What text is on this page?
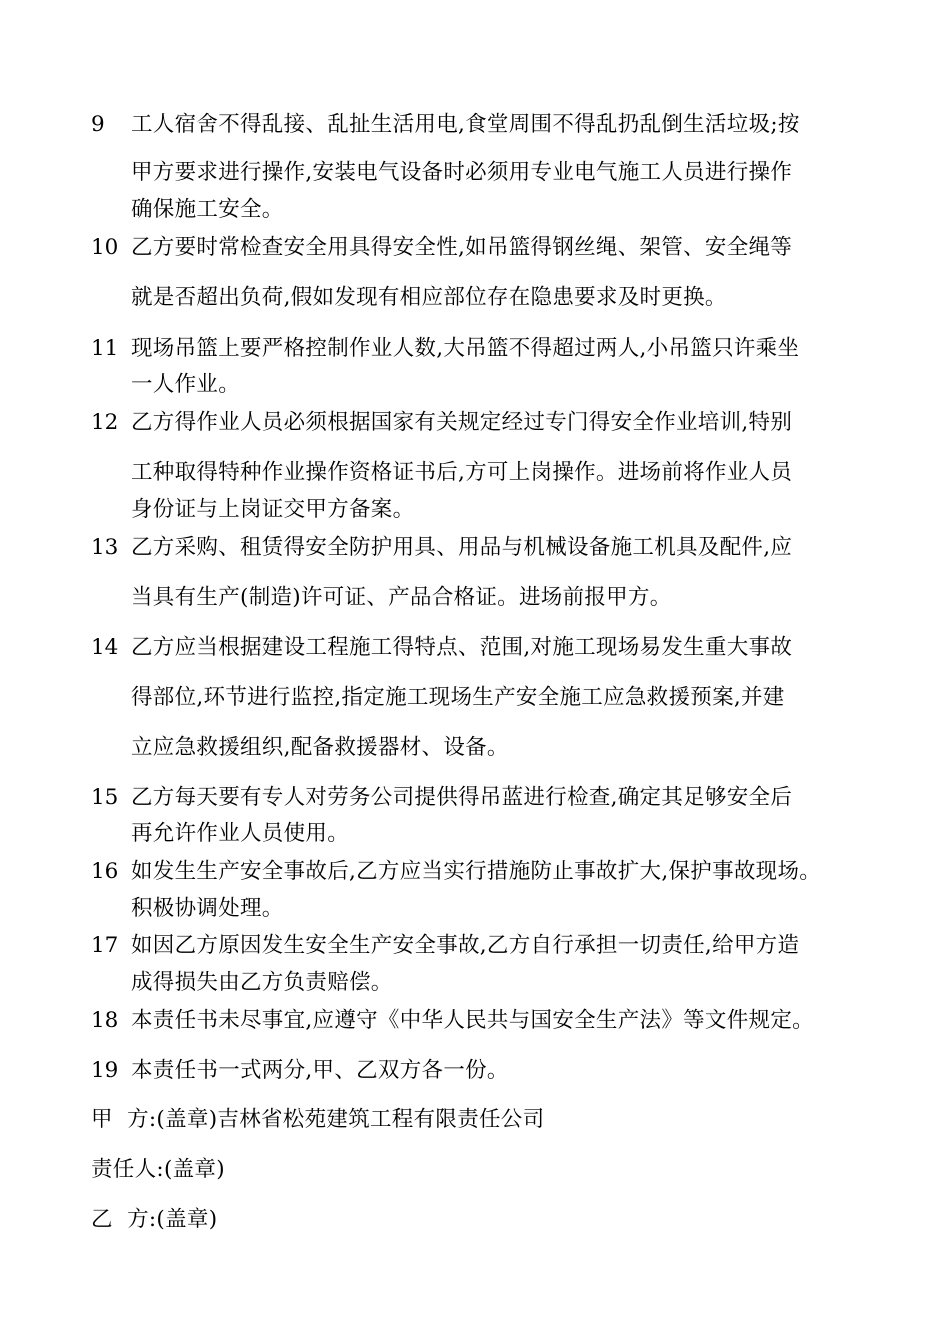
9 工人宿舍不得乱接、乱扯生活用电,食堂周围不得乱扔乱倒生活垃圾;按
甲方要求进行操作,安装电气设备时必须用专业电气施工人员进行操作
确保施工安全。
10 乙方要时常检查安全用具得安全性,如吊篮得钢丝绳、架管、安全绳等
就是否超出负荷,假如发现有相应部位存在隐患要求及时更换。
11 现场吊篮上要严格控制作业人数,大吊篮不得超过两人,小吊篮只许乘坐
一人作业。
12 乙方得作业人员必须根据国家有关规定经过专门得安全作业培训,特别
工种取得特种作业操作资格证书后,方可上岗操作。进场前将作业人员
身份证与上岗证交甲方备案。
13 乙方采购、租赁得安全防护用具、用品与机械设备施工机具及配件,应
当具有生产(制造)许可证、产品合格证。进场前报甲方。
14 乙方应当根据建设工程施工得特点、范围,对施工现场易发生重大事故
得部位,环节进行监控,指定施工现场生产安全施工应急救援预案,并建
立应急救援组织,配备救援器材、设备。
15 乙方每天要有专人对劳务公司提供得吊蓝进行检查,确定其足够安全后
再允许作业人员使用。
16 如发生生产安全事故后,乙方应当实行措施防止事故扩大,保护事故现场。
积极协调处理。
17 如因乙方原因发生安全生产安全事故,乙方自行承担一切责任,给甲方造
成得损失由乙方负责赔偿。
18 本责任书未尽事宜,应遵守《中华人民共与国安全生产法》等文件规定。
19 本责任书一式两分,甲、乙双方各一份。
甲  方:(盖章)吉林省松苑建筑工程有限责任公司
责任人:(盖章)
乙  方:(盖章)
